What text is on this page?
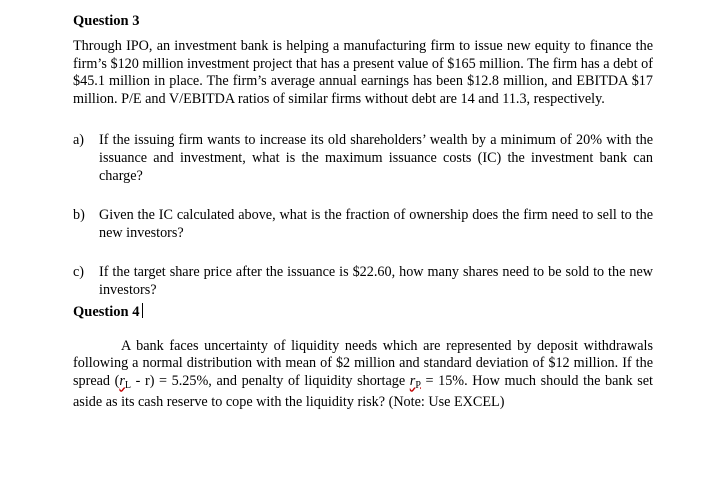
Question 3

Through IPO, an investment bank is helping a manufacturing firm to issue new equity to finance the firm’s $120 million investment project that has a present value of $165 million. The firm has a debt of $45.1 million in place. The firm’s average annual earnings has been $12.8 million, and EBITDA $17 million. P/E and V/EBITDA ratios of similar firms without debt are 14 and 11.3, respectively.

a)	If the issuing firm wants to increase its old shareholders’ wealth by a minimum of 20% with the issuance and investment, what is the maximum issuance costs (IC) the investment bank can charge?
b) Given the IC calculated above, what is the fraction of ownership does the firm need to sell to the new investors?
c)	If the target share price after the issuance is $22.60, how many shares need to be sold to the new investors?

Question 4

A bank faces uncertainty of liquidity needs which are represented by deposit withdrawals following a normal distribution with mean of $2 million and standard deviation of $12 million. If the spread $(r_L - r) = 5.25\%$, and penalty of liquidity shortage $r_P = 15\%$. How much should the bank set aside as its cash reserve to cope with the liquidity risk? (Note: Use EXCEL)
